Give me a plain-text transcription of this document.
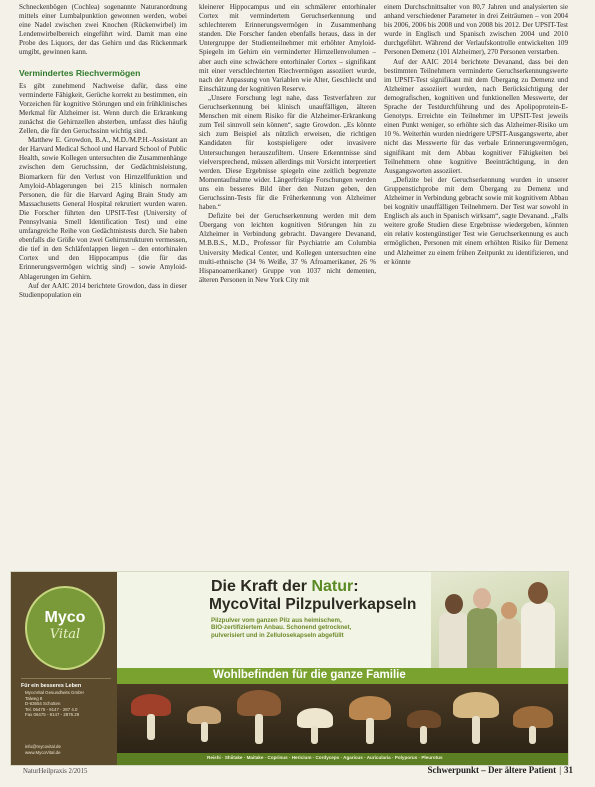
Schneckenbögen (Cochlea) sogenannte Naturanordnung mittels einer Lumbalpunktion gewonnen werden, wobei eine Nadel zwischen zwei Knochen (Rückenwirbel) im Lendenwirbelbereich eingeführt wird. Damit man eine Probe des Liquors, der das Gehirn und das Rückenmark umgibt, gewinnen kann.

Vermindertes Riechvermögen

Es gibt zunehmend Nachweise dafür, dass eine verminderte Fähigkeit, Gerüche korrekt zu bestimmen, ein Vorzeichen für kognitive Störungen und ein frühklinisches Merkmal für Alzheimer ist. Wenn durch die Erkrankung zunächst die Gehirnzellen absterben, umfasst dies häufig Zellen, die für den Geruchssinn wichtig sind.

Matthew E. Growdon, B.A., M.D./M.P.H.-Assistant an der Harvard Medical School und Harvard School of Public Health, sowie Kollegen untersuchten die Zusammenhänge zwischen dem Geruchssinn, der Gedächtnisleistung, Biomarkern für den Verlust von Hirnzellfunktion und Amyloid-Ablagerungen bei 215 klinisch normalen Personen, die für die Harvard Aging Brain Study am Massachusetts General Hospital rekrutiert wurden waren. Die Forscher führten den UPSIT-Test (University of Pennsylvania Smell Identification Test) und eine umfangreiche Reihe von Gedächtnistests durch. Sie haben ebenfalls die Größe von zwei Gehirnstrukturen vermessen, die tief in den Schläfenlappen liegen – den entorhinalen Cortex und den Hippocampus (die für das Erinnerungsvermögen wichtig sind) – sowie Amyloid-Ablagerungen im Gehirn.

Auf der AAIC 2014 berichtete Growdon, dass in dieser Studienpopulation ein

kleinerer Hippocampus und ein schmälerer entorhinaler Cortex mit vermindertem Geruchserkennung und schlechterem Erinnerungsvermögen in Zusammenhang standen. Die Forscher fanden ebenfalls heraus, dass in der Untergruppe der Studienteilnehmer mit erhöhter Amyloid-Spiegeln im Gehirn ein verminderter Hirnzellenvolumen – aber auch eine schwächere entorhinaler Cortex – signifikant mit einer verschlechterten Riechvermögen assoziiert wurde, nach der Anpassung von Variablen wie Alter, Geschlecht und Einschätzung der kognitiven Reserve.

„Unsere Forschung legt nahe, dass Testverfahren zur Geruchserkennung bei klinisch unauffälligen, älteren Menschen mit einem Risiko für die Alzheimer-Erkrankung zum Teil sinnvoll sein können“, sagte Growdon. „Es könnte sich zum Beispiel als nützlich erweisen, die richtigen Kandidaten für kostspieligere oder invasivere Untersuchungen herauszufiltern. Unsere Erkenntnisse sind vielversprechend, müssen allerdings mit Vorsicht interpretiert werden. Diese Ergebnisse spiegeln eine zeitlich begrenzte Momentaufnahme wider. Längerfristige Forschungen werden uns ein besseres Bild über den Nutzen geben, den Geruchssinn-Tests für die Früherkennung von Alzheimer haben.“

Defizite bei der Geruchserkennung werden mit dem Übergang von leichten kognitiven Störungen hin zu Alzheimer in Verbindung gebracht. Davangere Devanand, M.B.B.S., M.D., Professor für Psychiatrie am Columbia University Medical Center, und Kollegen untersuchten eine multi-ethnische (34 % Weiße, 37 % Afroamerikaner, 26 % Hispanoamerikaner) Gruppe von 1037 nicht dementen, älteren Personen in New York City mit

einem Durchschnittsalter von 80,7 Jahren und analysierten sie anhand verschiedener Parameter in drei Zeiträumen – von 2004 bis 2006, 2006 bis 2008 und von 2008 bis 2012. Der UPSIT-Test wurde in Englisch und Spanisch zwischen 2004 und 2010 durchgeführt. Während der Verlaufskontrolle entwickelten 109 Personen Demenz (101 Alzheimer), 270 Personen verstarben.

Auf der AAIC 2014 berichtete Devanand, dass bei den bestimmten Teilnehmern verminderte Geruchserkennungswerte im UPSIT-Test signifikant mit dem Übergang zu Demenz und Alzheimer assoziiert wurden, nach Berücksichtigung der demografischen, kognitiven und funktionellen Messwerte, der Sprache der Testdurchführung und des Apolipoprotein-E-Genotyps. Erreichte ein Teilnehmer im UPSIT-Test jeweils einen Punkt weniger, so erhöhte sich das Alzheimer-Risiko um 10 %. Weiterhin wurden niedrigere UPSIT-Ausgangswerte, aber nicht das Messwerte für das verbale Erinnerungsvermögen, signifikant mit dem Abbau kognitiver Fähigkeiten bei Teilnehmern ohne kognitive Beeinträchtigung, in den Ausgangsworten assoziiert.

„Defizite bei der Geruchserkennung wurden in unserer Gruppenstichprobe mit dem Übergang zu Demenz und Alzheimer in Verbindung gebracht sowie mit kognitivem Abbau bei kognitiv unauffälligen Teilnehmern. Der Test war sowohl in Englisch als auch in Spanisch wirksam“, sagte Devanand. „Falls weitere große Studien diese Ergebnisse wiedergeben, könnten ein relativ kostengünstiger Test wie Geruchserkennung es auch ermöglichen, Personen mit einem erhöhten Risiko für Demenz und Alzheimer zu einem frühen Zeitpunkt zu identifizieren, und er könnte

Myco
Vital
Für ein besseres Leben
MycoVital Gesundheits GmbH
Talweg 8
D-63654 Schotten
Tel. 06475 - 9147 - 287 4.0
Fax 06475 - 9147 - 2876.29
info@mycovital.de
www.MycoVital.de
Die Kraft der Natur:
MycoVital Pilzpulverkapseln
Pilzpulver vom ganzen Pilz aus heimischem,
BIO-zertifiziertem Anbau. Schonend getrocknet,
pulverisiert und in Zellulosekapseln abgefüllt
Wohlbefinden für die ganze Familie
Reishi · Shiitake · Maitake · Coprinus · Hericium · Cordyceps · Agaricus · Auricularia · Polyporus · Pleurotus
NaturHeilpraxis 2/2015	Schwerpunkt – Der ältere Patient | 31
